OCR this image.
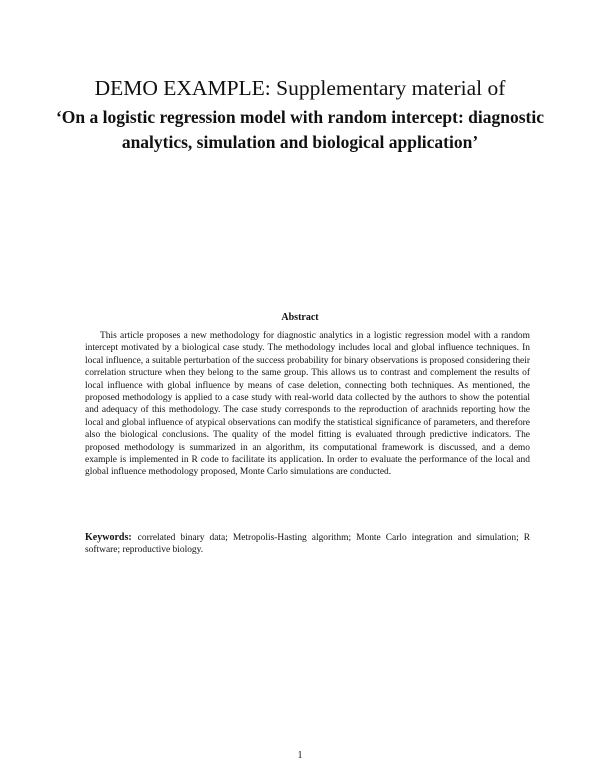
DEMO EXAMPLE: Supplementary material of
‘On a logistic regression model with random intercept: diagnostic
analytics, simulation and biological application’
Abstract

This article proposes a new methodology for diagnostic analytics in a logistic regression model with a random intercept motivated by a biological case study. The methodology includes local and global influence techniques. In local influence, a suitable perturbation of the success probability for binary observations is proposed considering their correlation structure when they belong to the same group. This allows us to contrast and complement the results of local influence with global influence by means of case deletion, connecting both techniques. As mentioned, the proposed methodology is applied to a case study with real-world data collected by the authors to show the potential and adequacy of this methodology. The case study corresponds to the reproduction of arachnids reporting how the local and global influence of atypical observations can modify the statistical significance of parameters, and therefore also the biological conclusions. The quality of the model fitting is evaluated through predictive indicators. The proposed methodology is summarized in an algorithm, its computational framework is discussed, and a demo example is implemented in R code to facilitate its application. In order to evaluate the performance of the local and global influence methodology proposed, Monte Carlo simulations are conducted.

Keywords: correlated binary data; Metropolis-Hasting algorithm; Monte Carlo integration and simulation; R software; reproductive biology.

1
